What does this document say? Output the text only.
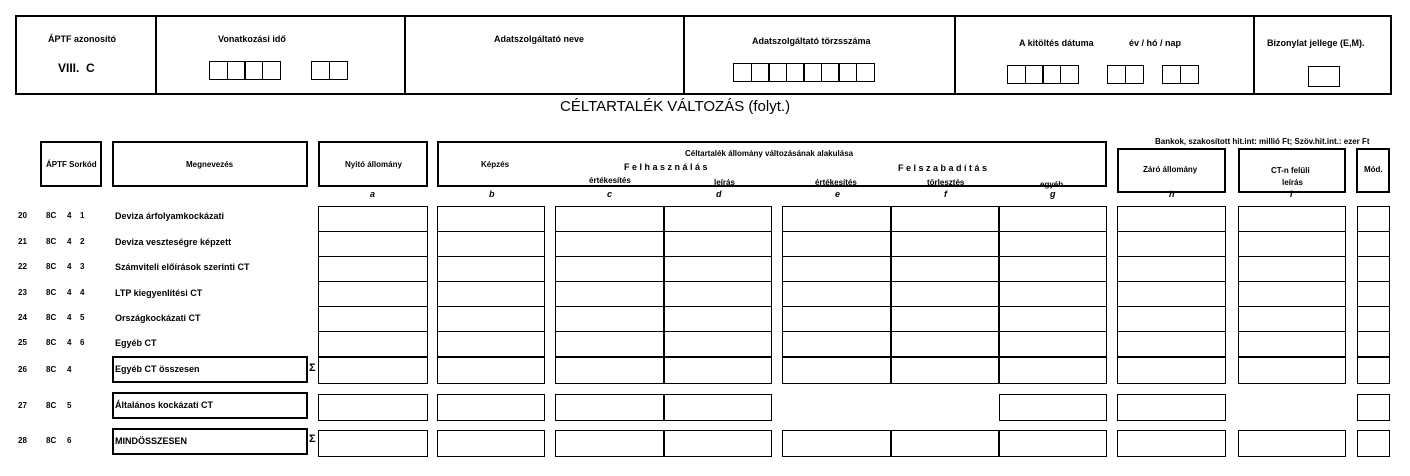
ÁPTF azonosító
VIII.  C
Vonatkozási idő	Adatszolgáltató neve	Adatszolgáltató törzsszáma	A kitöltés dátuma	év / hó / nap	Bizonylat jellege (E,M).
CÉLTARTALÉK VÁLTOZÁS (folyt.)
Bankok, szakosított hit.int: millió Ft; Szöv.hit.int.: ezer Ft
ÁPTF Sorkód	Megnevezés	Nyitó állomány
Céltartalék állomány változásának alakulása
Képzés	F e l h a s z n á l á s
értékesítés	leírás
F e l s z a b a d í t á s
értékesítés	törlesztés	egyéb
Záró állomány	CT-n felüli
leírás
Mód.
a	b	c	d	e	f	g	h	i
20 8C 4 1	Deviza árfolyamkockázati
21 8C 4 2	Deviza veszteségre képzett
22 8C 4 3	Számviteli előírások szerinti CT
23 8C 4 4	LTP kiegyenlítési CT
24 8C 4 5	Országkockázati CT
25 8C 4 6	Egyéb CT
26 8C 4	Egyéb CT összesen	Σ
27 8C 5	Általános kockázati CT
28 8C 6	MINDÖSSZESEN	Σ
